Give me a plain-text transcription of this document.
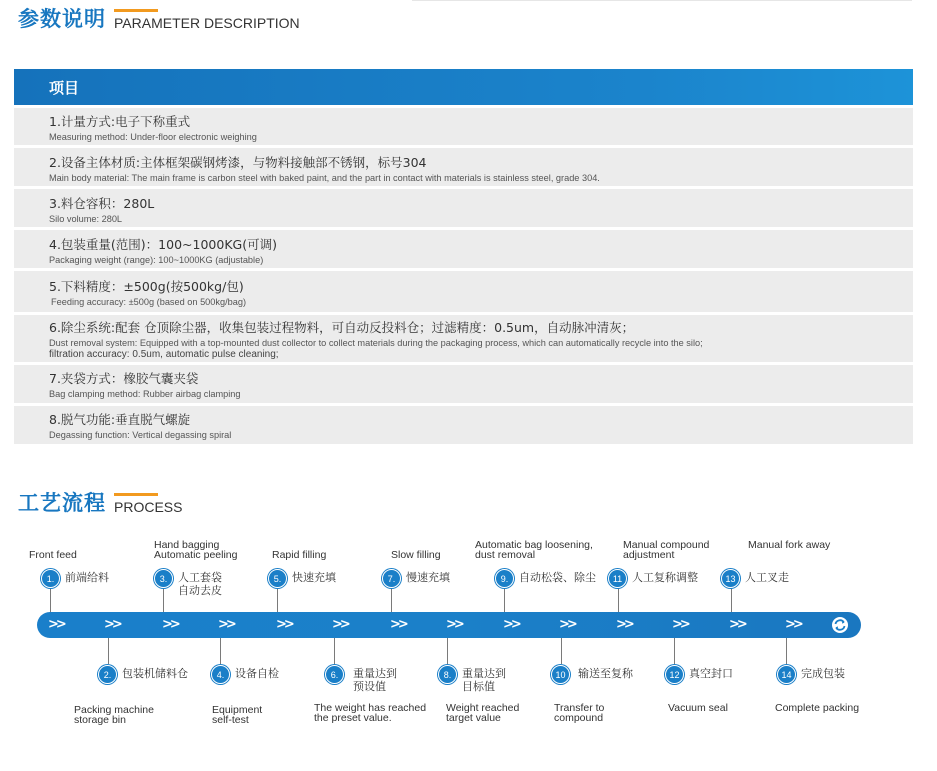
参数说明 PARAMETER DESCRIPTION
项目
1.计量方式:电子下称重式
Measuring method: Under-floor electronic weighing
2.设备主体材质:主体框架碳钢烤漆，与物料接触部不锈钢，标号304
Main body material: The main frame is carbon steel with baked paint, and the part in contact with materials is stainless steel, grade 304.
3.料仓容积：280L
Silo volume: 280L
4.包装重量(范围)：100~1000KG(可调)
Packaging weight (range): 100~1000KG (adjustable)
5.下料精度：±500g(按500kg/包)
Feeding accuracy: ±500g (based on 500kg/bag)
6.除尘系统:配套 仓顶除尘器，收集包装过程物料，可自动反投料仓；过滤精度：0.5um，自动脉冲清灰；
Dust removal system: Equipped with a top-mounted dust collector to collect materials during the packaging process, which can automatically recycle into the silo;
filtration accuracy: 0.5um, automatic pulse cleaning;
7.夹袋方式：橡胶气囊夹袋
Bag clamping method: Rubber airbag clamping
8.脱气功能:垂直脱气螺旋
Degassing function: Vertical degassing spiral
工艺流程 PROCESS
>>	>>	>>	>>	>>	>>	>>	>>	>>	>>	>>	>>	>>	>>
1. 前端给料	3. 人工套袋
自动去皮
5. 快速充填	7. 慢速充填	9. 自动松袋、除尘	11 人工复称调整	13 人工叉走
2. 包装机储料仓	4. 设备自检	6.	重量达到
预设值
8. 重量达到
目标值
10	输送至复称	12 真空封口	14 完成包装
Front feed
Hand bagging
Automatic peeling	Rapid filling	Slow filling
Automatic bag loosening,
dust removal
Manual compound
adjustment
Manual fork away
Packing machine
storage bin
Equipment
self-test
The weight has reached
the preset value.
Weight reached
target value
Transfer to
compound
Vacuum seal	Complete packing
